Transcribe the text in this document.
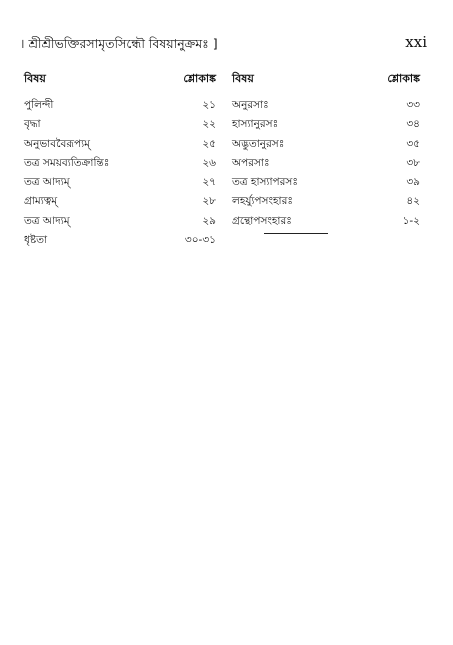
। শ্রীশ্রীভক্তিরসামৃতসিন্ধৌ বিষয়ানুক্রমঃ ]	xxi
বিষয়	শ্লোকাঙ্ক
পুলিন্দী	২১
বৃদ্ধা	২২
অনুভাববৈরূপ্যম্	২৫
তত্র সময়ব্যতিক্রান্তিঃ	২৬
তত্র আদ্যম্	২৭
গ্রাম্যত্বম্	২৮
তত্র আদ্যম্	২৯
ধৃষ্টতা	৩০-৩১
বিষয়	শ্লোকাঙ্ক
অনুরসাঃ	৩৩
হাস্যানুরসঃ	৩৪
অদ্ভুতানুরসঃ	৩৫
অপরসাঃ	৩৮
তত্র হাস্যাপরসঃ	৩৯
লহর্য্যুপসংহারঃ	৪২
গ্রন্থোপসংহারঃ	১-২
